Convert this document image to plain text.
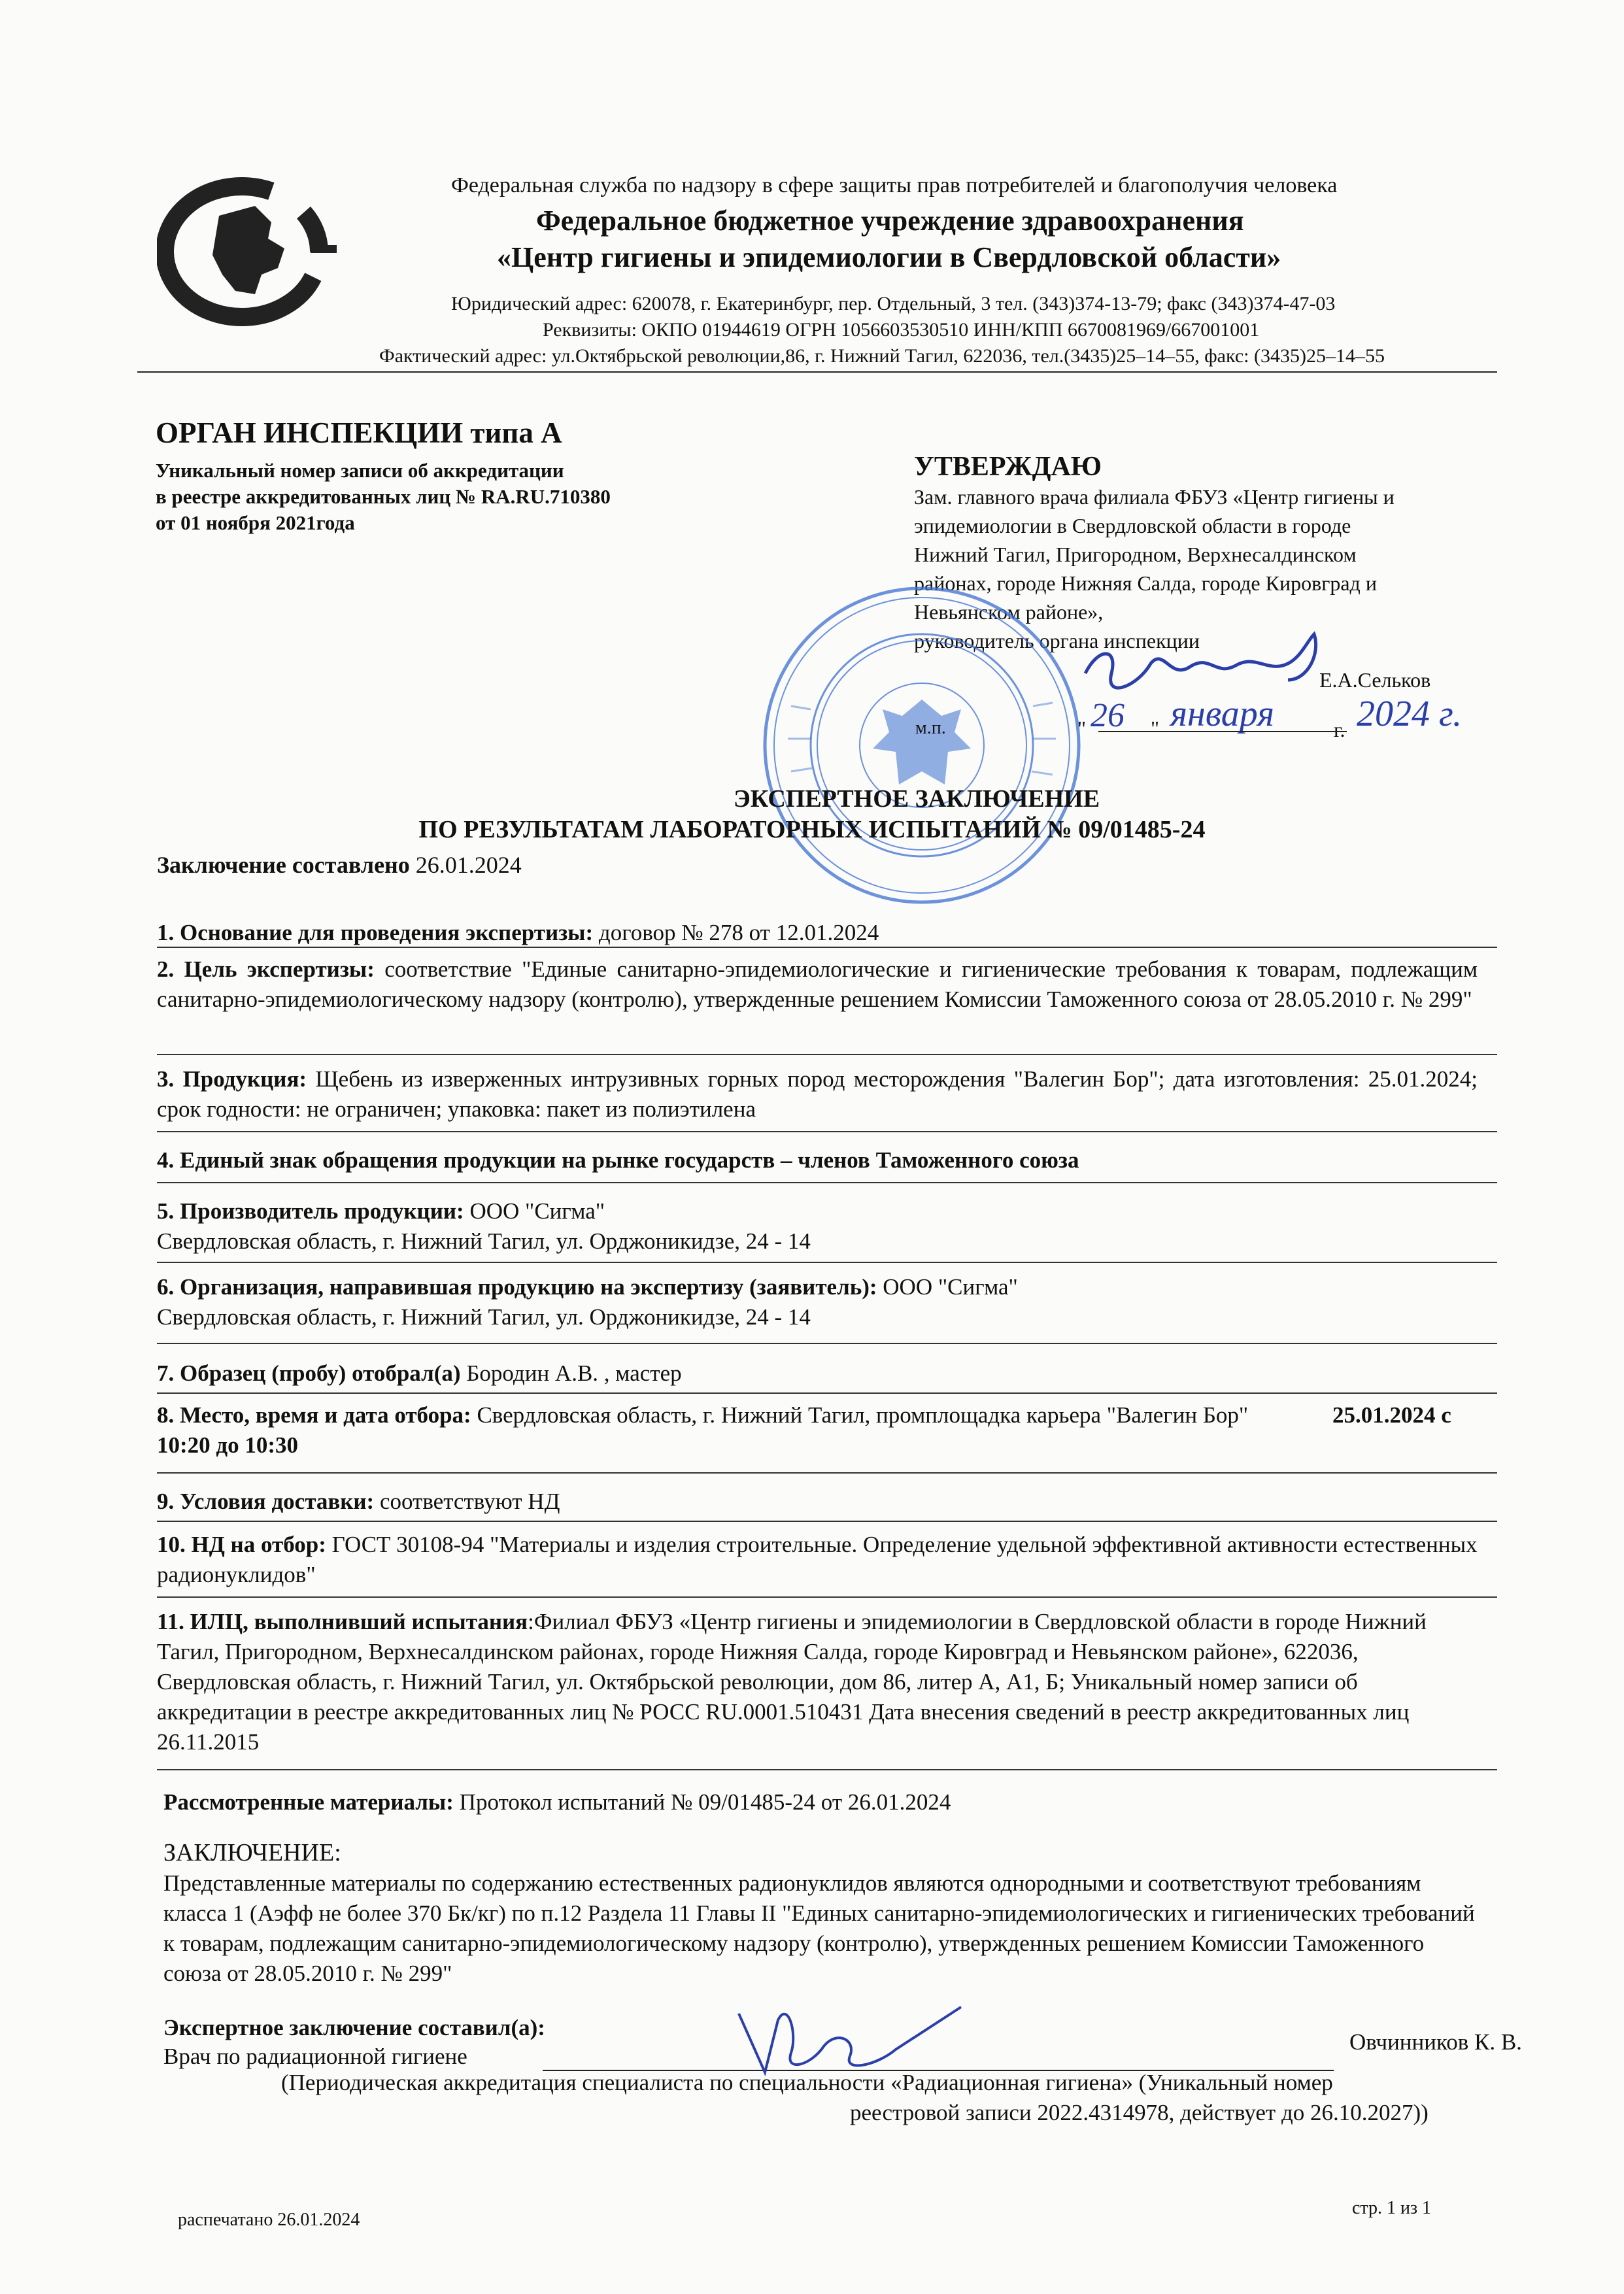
Федеральная служба по надзору в сфере защиты прав потребителей и благополучия человека
Федеральное бюджетное учреждение здравоохранения
«Центр гигиены и эпидемиологии в Свердловской области»
Юридический адрес: 620078, г. Екатеринбург, пер. Отдельный, 3 тел. (343)374-13-79; факс (343)374-47-03
Реквизиты: ОКПО 01944619 ОГРН 1056603530510 ИНН/КПП 6670081969/667001001
Фактический адрес: ул.Октябрьской революции,86, г. Нижний Тагил, 622036, тел.(3435)25–14–55, факс: (3435)25–14–55
ОРГАН ИНСПЕКЦИИ типа А
Уникальный номер записи об аккредитации
в реестре аккредитованных лиц № RA.RU.710380
от 01 ноября 2021года
УТВЕРЖДАЮ
Зам. главного врача филиала ФБУЗ «Центр гигиены и
эпидемиологии в Свердловской области в городе
Нижний Тагил, Пригородном, Верхнесалдинском
районах, городе Нижняя Салда, городе Кировград и
Невьянском районе»,
руководитель органа инспекции
Е.А.Сельков
м.п.	" 26 " января	г. 2024 г.
ЭКСПЕРТНОЕ ЗАКЛЮЧЕНИЕ
ПО РЕЗУЛЬТАТАМ ЛАБОРАТОРНЫХ ИСПЫТАНИЙ № 09/01485-24
Заключение составлено 26.01.2024
1. Основание для проведения экспертизы: договор № 278 от 12.01.2024
2. Цель экспертизы: соответствие "Единые санитарно-эпидемиологические и гигиенические требования к товарам, подлежащим санитарно-эпидемиологическому надзору (контролю), утвержденные решением Комиссии Таможенного союза от 28.05.2010 г. № 299"
3. Продукция: Щебень из изверженных интрузивных горных пород месторождения "Валегин Бор"; дата изготовления: 25.01.2024; срок годности: не ограничен; упаковка: пакет из полиэтилена
4. Единый знак обращения продукции на рынке государств – членов Таможенного союза
5. Производитель продукции: ООО "Сигма"
Свердловская область, г. Нижний Тагил, ул. Орджоникидзе, 24 - 14
6. Организация, направившая продукцию на экспертизу (заявитель): ООО "Сигма"
Свердловская область, г. Нижний Тагил, ул. Орджоникидзе, 24 - 14
7. Образец (пробу) отобрал(а) Бородин А.В. , мастер
8. Место, время и дата отбора: Свердловская область, г. Нижний Тагил, промплощадка карьера "Валегин Бор"	25.01.2024 с 10:20 до 10:30
9. Условия доставки: соответствуют НД
10. НД на отбор: ГОСТ 30108-94 "Материалы и изделия строительные. Определение удельной эффективной активности естественных радионуклидов"
11. ИЛЦ, выполнивший испытания:Филиал ФБУЗ «Центр гигиены и эпидемиологии в Свердловской области в городе Нижний Тагил, Пригородном, Верхнесалдинском районах, городе Нижняя Салда, городе Кировград и Невьянском районе», 622036, Свердловская область, г. Нижний Тагил, ул. Октябрьской революции, дом 86, литер А, А1, Б; Уникальный номер записи об аккредитации в реестре аккредитованных лиц № РОСС RU.0001.510431 Дата внесения сведений в реестр аккредитованных лиц 26.11.2015
Рассмотренные материалы: Протокол испытаний № 09/01485-24 от 26.01.2024
ЗАКЛЮЧЕНИЕ:
Представленные материалы по содержанию естественных радионуклидов являются однородными и соответствуют требованиям класса 1 (Аэфф не более 370 Бк/кг) по п.12 Раздела 11 Главы II "Единых санитарно-эпидемиологических и гигиенических требований к товарам, подлежащим санитарно-эпидемиологическому надзору (контролю), утвержденных решением Комиссии Таможенного союза от 28.05.2010 г. № 299"
Экспертное заключение составил(а):
Врач по радиационной гигиене
Овчинников К. В.
(Периодическая аккредитация специалиста по специальности «Радиационная гигиена» (Уникальный номер
реестровой записи 2022.4314978, действует до 26.10.2027))
распечатано 26.01.2024
стр. 1 из 1
